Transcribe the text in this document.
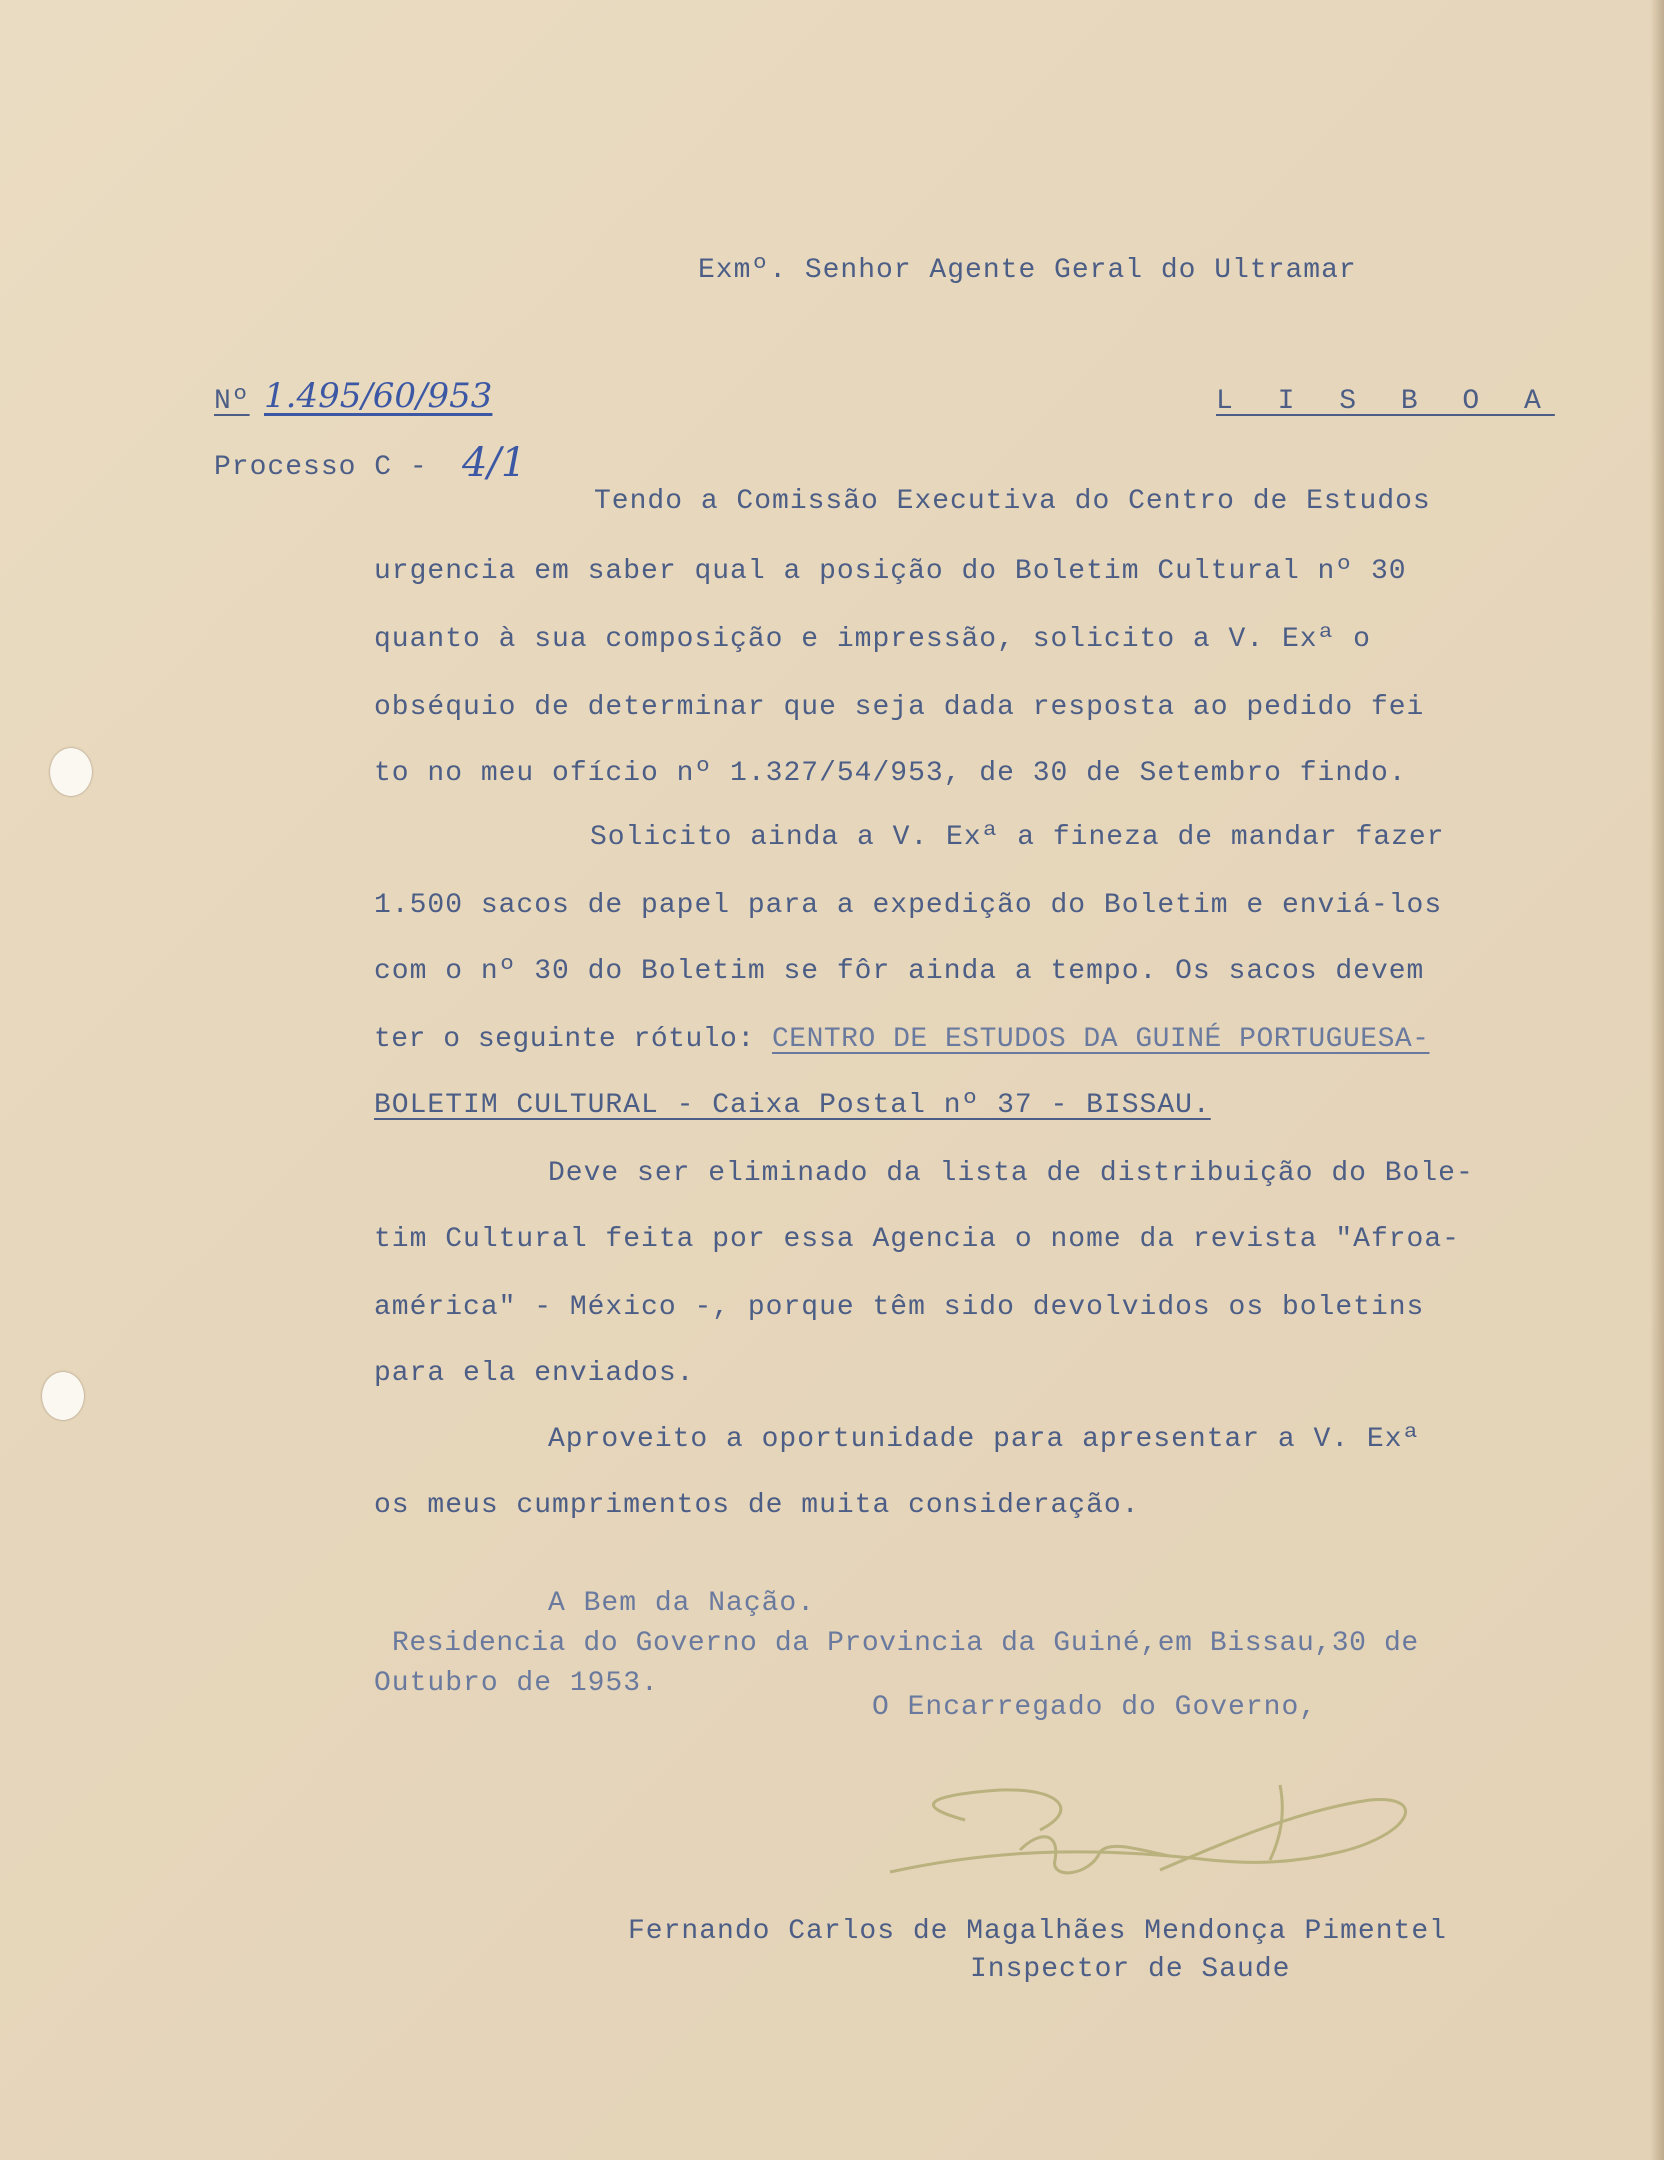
Exmº. Senhor Agente Geral do Ultramar
Nº 1.495/60/953
Processo C - 4/1
L I S B O A
Tendo a Comissão Executiva do Centro de Estudos
urgencia em saber qual a posição do Boletim Cultural nº 30
quanto à sua composição e impressão, solicito a V. Exª o
obséquio de determinar que seja dada resposta ao pedido fei
to no meu ofício nº 1.327/54/953, de 30 de Setembro findo.
Solicito ainda a V. Exª a fineza de mandar fazer
1.500 sacos de papel para a expedição do Boletim e enviá-los
com o nº 30 do Boletim se fôr ainda a tempo. Os sacos devem
ter o seguinte rótulo: CENTRO DE ESTUDOS DA GUINÉ PORTUGUESA-
BOLETIM CULTURAL - Caixa Postal nº 37 - BISSAU.
Deve ser eliminado da lista de distribuição do Bole-
tim Cultural feita por essa Agencia o nome da revista "Afroa-
américa" - México -, porque têm sido devolvidos os boletins
para ela enviados.
Aproveito a oportunidade para apresentar a V. Exª
os meus cumprimentos de muita consideração.
A Bem da Nação.
Residencia do Governo da Provincia da Guiné,em Bissau,30 de
Outubro de 1953.
O Encarregado do Governo,
Fernando Carlos de Magalhães Mendonça Pimentel
Inspector de Saude
